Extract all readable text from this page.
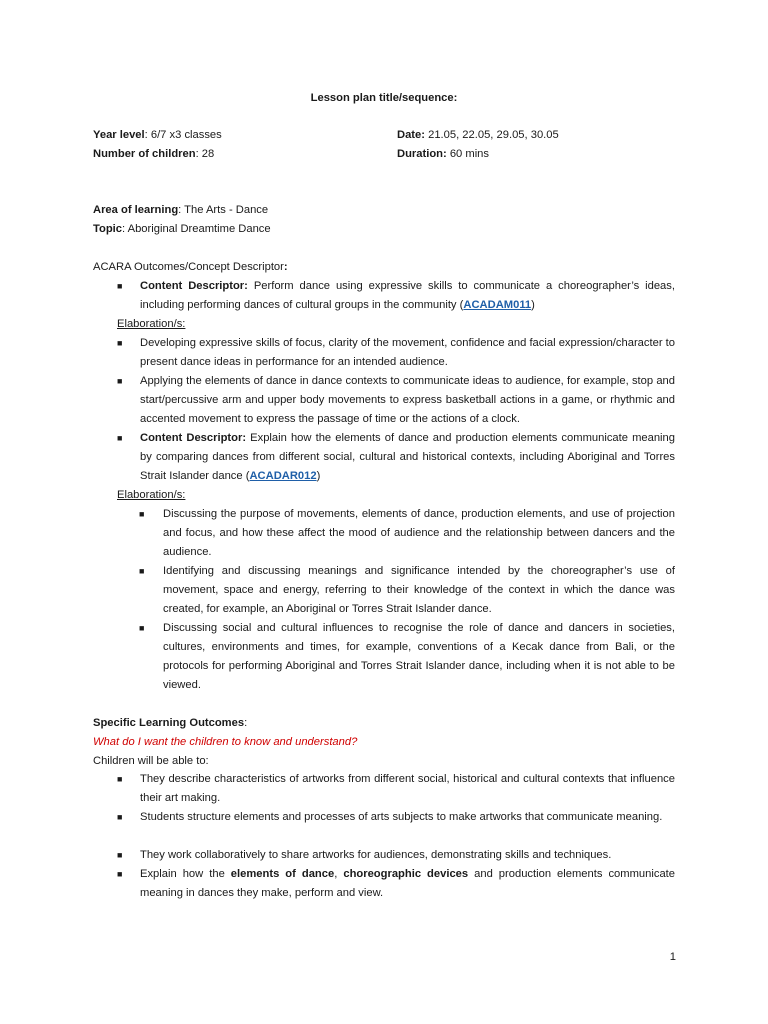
Lesson plan title/sequence:
Year level: 6/7 x3 classes	Date: 21.05, 22.05, 29.05, 30.05
Number of children: 28	Duration: 60 mins
Area of learning: The Arts - Dance
Topic: Aboriginal Dreamtime Dance
ACARA Outcomes/Concept Descriptor:
■ Content Descriptor: Perform dance using expressive skills to communicate a choreographer’s ideas, including performing dances of cultural groups in the community (ACADAM011)
Elaboration/s:
■ Developing expressive skills of focus, clarity of the movement, confidence and facial expression/character to present dance ideas in performance for an intended audience.
■ Applying the elements of dance in dance contexts to communicate ideas to audience, for example, stop and start/percussive arm and upper body movements to express basketball actions in a game, or rhythmic and accented movement to express the passage of time or the actions of a clock.
■ Content Descriptor: Explain how the elements of dance and production elements communicate meaning by comparing dances from different social, cultural and historical contexts, including Aboriginal and Torres Strait Islander dance (ACADAR012)
Elaboration/s:
■ Discussing the purpose of movements, elements of dance, production elements, and use of projection and focus, and how these affect the mood of audience and the relationship between dancers and the audience.
■ Identifying and discussing meanings and significance intended by the choreographer’s use of movement, space and energy, referring to their knowledge of the context in which the dance was created, for example, an Aboriginal or Torres Strait Islander dance.
■ Discussing social and cultural influences to recognise the role of dance and dancers in societies, cultures, environments and times, for example, conventions of a Kecak dance from Bali, or the protocols for performing Aboriginal and Torres Strait Islander dance, including when it is not able to be viewed.
Specific Learning Outcomes:
What do I want the children to know and understand?
Children will be able to:
■ They describe characteristics of artworks from different social, historical and cultural contexts that influence their art making.
■ Students structure elements and processes of arts subjects to make artworks that communicate meaning.
■ They work collaboratively to share artworks for audiences, demonstrating skills and techniques.
■ Explain how the elements of dance, choreographic devices and production elements communicate meaning in dances they make, perform and view.
1
